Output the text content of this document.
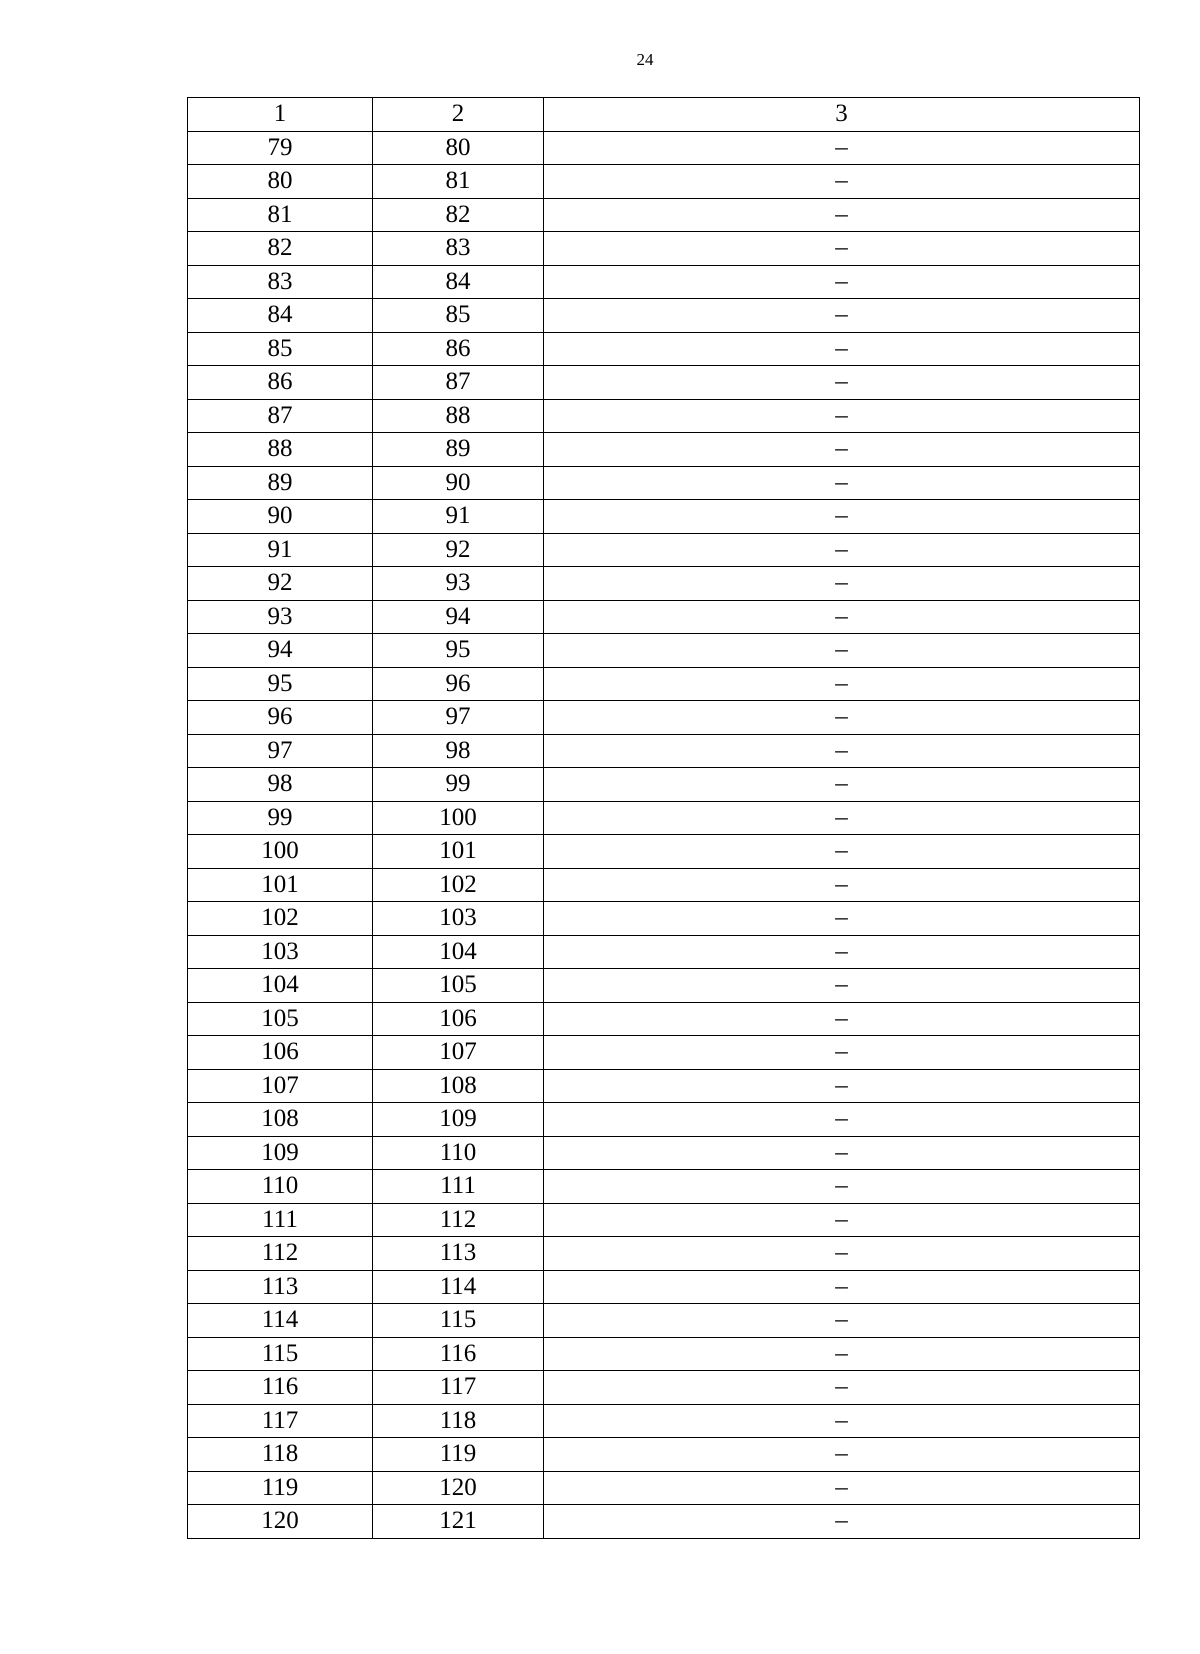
24
1	2	3
79	80	–
80	81	–
81	82	–
82	83	–
83	84	–
84	85	–
85	86	–
86	87	–
87	88	–
88	89	–
89	90	–
90	91	–
91	92	–
92	93	–
93	94	–
94	95	–
95	96	–
96	97	–
97	98	–
98	99	–
99	100	–
100	101	–
101	102	–
102	103	–
103	104	–
104	105	–
105	106	–
106	107	–
107	108	–
108	109	–
109	110	–
110	111	–
111	112	–
112	113	–
113	114	–
114	115	–
115	116	–
116	117	–
117	118	–
118	119	–
119	120	–
120	121	–
